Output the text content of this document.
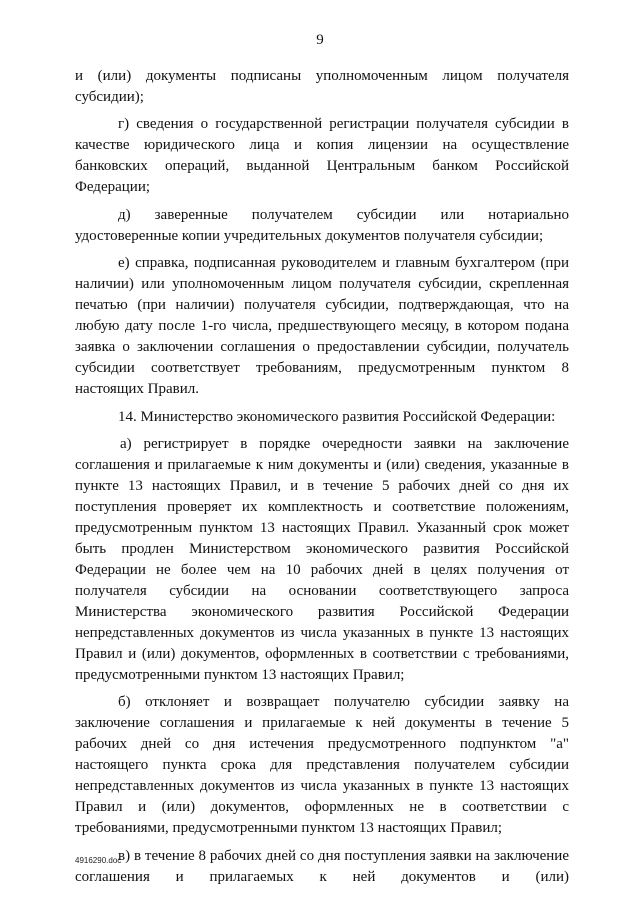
9

и (или) документы подписаны уполномоченным лицом получателя субсидии);

г) сведения о государственной регистрации получателя субсидии в качестве юридического лица и копия лицензии на осуществление банковских операций, выданной Центральным банком Российской Федерации;

д) заверенные получателем субсидии или нотариально удостоверенные копии учредительных документов получателя субсидии;

е) справка, подписанная руководителем и главным бухгалтером (при наличии) или уполномоченным лицом получателя субсидии, скрепленная печатью (при наличии) получателя субсидии, подтверждающая, что на любую дату после 1-го числа, предшествующего месяцу, в котором подана заявка о заключении соглашения о предоставлении субсидии, получатель субсидии соответствует требованиям, предусмотренным пунктом 8 настоящих Правил.

14. Министерство экономического развития Российской Федерации:

а) регистрирует в порядке очередности заявки на заключение соглашения и прилагаемые к ним документы и (или) сведения, указанные в пункте 13 настоящих Правил, и в течение 5 рабочих дней со дня их поступления проверяет их комплектность и соответствие положениям, предусмотренным пунктом 13 настоящих Правил. Указанный срок может быть продлен Министерством экономического развития Российской Федерации не более чем на 10 рабочих дней в целях получения от получателя субсидии на основании соответствующего запроса Министерства экономического развития Российской Федерации непредставленных документов из числа указанных в пункте 13 настоящих Правил и (или) документов, оформленных в соответствии с требованиями, предусмотренными пунктом 13 настоящих Правил;

б) отклоняет и возвращает получателю субсидии заявку на заключение соглашения и прилагаемые к ней документы в течение 5 рабочих дней со дня истечения предусмотренного подпунктом "а" настоящего пункта срока для представления получателем субсидии непредставленных документов из числа указанных в пункте 13 настоящих Правил и (или) документов, оформленных не в соответствии с требованиями, предусмотренными пунктом 13 настоящих Правил;

в) в течение 8 рабочих дней со дня поступления заявки на заключение соглашения и прилагаемых к ней документов и (или)

4916290.doc
